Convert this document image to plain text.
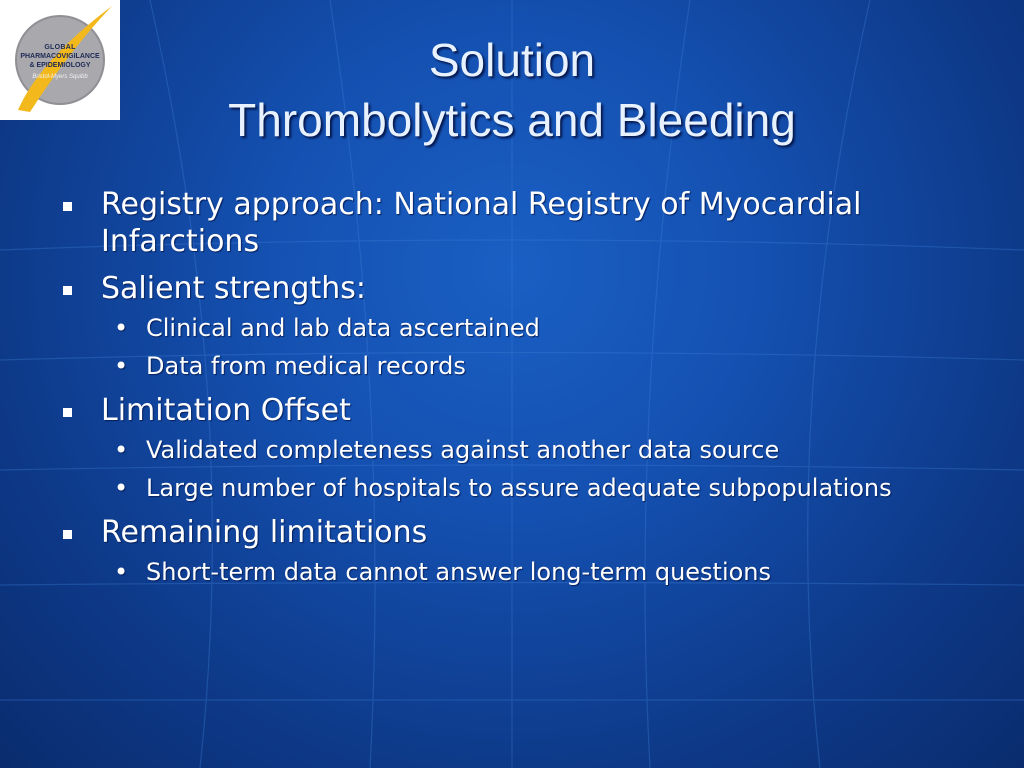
GLOBAL
PHARMACOVIGILANCE
& EPIDEMIOLOGY
Bristol-Myers Squibb	Solution
Thrombolytics and Bleeding
Registry approach: National Registry of Myocardial Infarctions
Salient strengths:
• Clinical and lab data ascertained
• Data from medical records
Limitation Offset
• Validated completeness against another data source
• Large number of hospitals to assure adequate subpopulations
Remaining limitations
• Short-term data cannot answer long-term questions
